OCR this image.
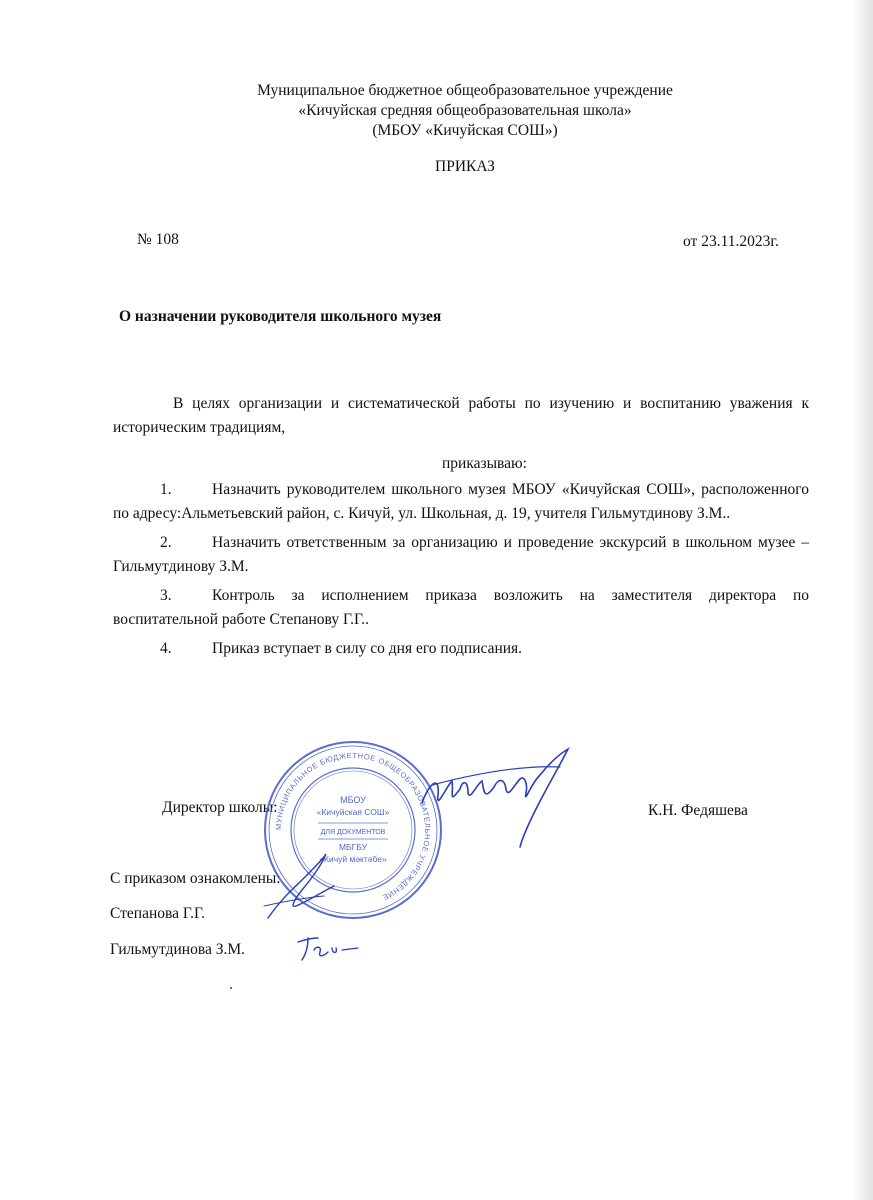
Муниципальное бюджетное общеобразовательное учреждение
«Кичуйская средняя общеобразовательная школа»
(МБОУ «Кичуйская СОШ»)
ПРИКАЗ
№ 108	от 23.11.2023г.
О назначении руководителя школьного музея
В целях организации и систематической работы по изучению и воспитанию уважения к историческим традициям,
приказываю:
1.	Назначить руководителем школьного музея МБОУ «Кичуйская СОШ», расположенного по адресу:Альметьевский район, с. Кичуй, ул. Школьная, д. 19, учителя Гильмутдинову З.М..
2.	Назначить ответственным за организацию и проведение экскурсий в школьном музее – Гильмутдинову З.М.
3.	Контроль за исполнением приказа возложить на заместителя директора по воспитательной работе Степанову Г.Г..
4.	Приказ вступает в силу со дня его подписания.
Директор школы:	К.Н. Федяшева
С приказом ознакомлены:
Степанова Г.Г.
Гильмутдинова З.М.
МУНИЦИПАЛЬНОЕ БЮДЖЕТНОЕ ОБЩЕОБРАЗОВАТЕЛЬНОЕ УЧРЕЖДЕНИЕ
МБОУ
«Кичуйская СОШ»
ДЛЯ ДОКУМЕНТОВ
МБГБУ
«Кичуй мәктәбе»
